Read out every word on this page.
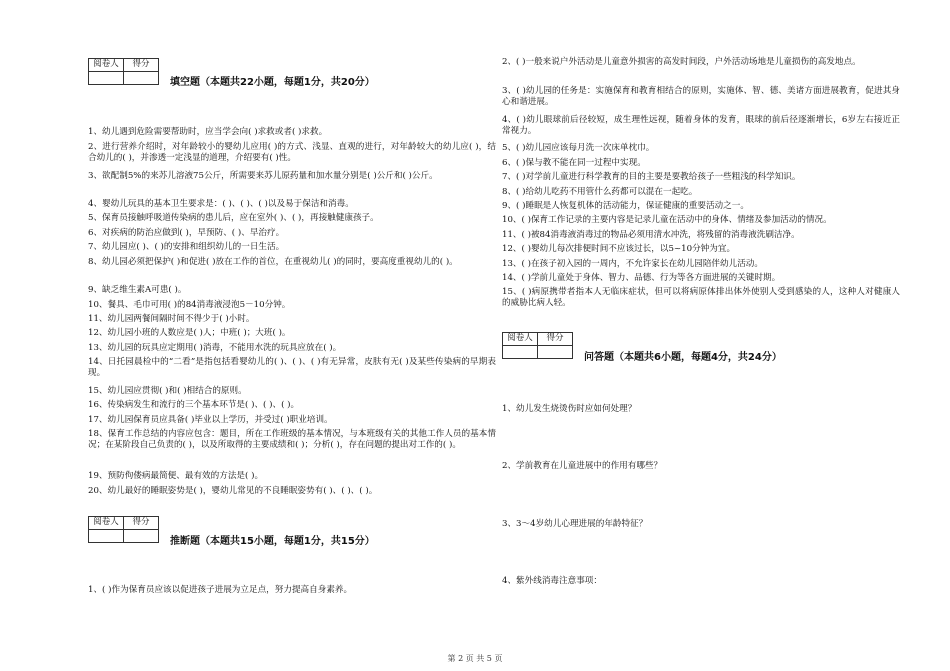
阅卷人	得分

填空题（本题共22小题，每题1分，共20分）

1、幼儿遇到危险需要帮助时，应当学会向( )求救或者( )求救。

2、进行营养介绍时，对年龄较小的婴幼儿应用( )的方式、浅显、直观的进行，对年龄较大的幼儿应( )，结合幼儿的( )，并渗透一定浅显的道理，介绍要有( )性。

3、欲配制5%的来苏儿溶液75公斤，所需要来苏儿原药量和加水量分别是( )公斤和( )公斤。

4、婴幼儿玩具的基本卫生要求是：( )、( )、( )以及易于保洁和消毒。

5、保育员接触呼吸道传染病的患儿后，应在室外( )、( )，再接触健康孩子。

6、对疾病的防治应做到( )，早预防、( )、早治疗。

7、幼儿园应( )、( )的安排和组织幼儿的一日生活。

8、幼儿园必须把保护( )和促进( )放在工作的首位，在重视幼儿( )的同时，要高度重视幼儿的( )。

9、缺乏维生素A可患( )。

10、餐具、毛巾可用( )的84消毒液浸泡5－10分钟。

11、幼儿园两餐间隔时间不得少于( )小时。

12、幼儿园小班的人数应是( )人；中班( )；大班( )。

13、幼儿园的玩具应定期用( )消毒，不能用水洗的玩具应放在( )。

14、日托园晨检中的“二看”是指包括看婴幼儿的( )、( )、( )有无异常，皮肤有无( )及某些传染病的早期表现。

15、幼儿园应贯彻( )和( )相结合的原则。

16、传染病发生和流行的三个基本环节是( )、( )、( )。

17、幼儿园保育员应具备( )毕业以上学历，并受过( )职业培训。

18、保育工作总结的内容应包含：题目，所在工作班级的基本情况，与本班级有关的其他工作人员的基本情况；在某阶段自己负责的( )，以及所取得的主要成绩和( )；分析( )，存在问题的提出对工作的( )。

19、预防佝偻病最简便、最有效的方法是( )。

20、幼儿最好的睡眠姿势是( )，婴幼儿常见的不良睡眠姿势有( )、( )、( )。

阅卷人	得分

推断题（本题共15小题，每题1分，共15分）

1、( )作为保育员应该以促进孩子进展为立足点，努力提高自身素养。

2、( )一般来说户外活动是儿童意外损害的高发时间段，户外活动场地是儿童损伤的高发地点。

3、( )幼儿园的任务是：实施保育和教育相结合的原则，实施体、智、德、美诸方面进展教育，促进其身心和谐进展。

4、( )幼儿眼球前后径较短，成生理性远视，随着身体的发育，眼球的前后径逐渐增长，6岁左右接近正常视力。

5、( )幼儿园应该每月洗一次床单枕巾。

6、( )保与教不能在同一过程中实现。

7、( )对学前儿童进行科学教育的目的主要是要教给孩子一些粗浅的科学知识。

8、( )给幼儿吃药不用管什么药都可以混在一起吃。

9、( )睡眠是人恢复机体的活动能力，保证健康的重要活动之一。

10、( )保育工作记录的主要内容是记录儿童在活动中的身体、情绪及参加活动的情况。

11、( )被84消毒液消毒过的物品必须用清水冲洗，将残留的消毒液洗刷洁净。

12、( )婴幼儿每次排便时间不应该过长，以5~10分钟为宜。

13、( )在孩子初入园的一周内，不允许家长在幼儿园陪伴幼儿活动。

14、( )学前儿童处于身体、智力、品德、行为等各方面进展的关键时期。

15、( )病原携带者指本人无临床症状，但可以将病原体排出体外使别人受到感染的人，这种人对健康人的威胁比病人轻。

阅卷人	得分

问答题（本题共6小题，每题4分，共24分）

1、幼儿发生烧烫伤时应如何处理？

2、学前教育在儿童进展中的作用有哪些？

3、3～4岁幼儿心理进展的年龄特征？

4、紫外线消毒注意事项：

第 2 页 共 5 页
